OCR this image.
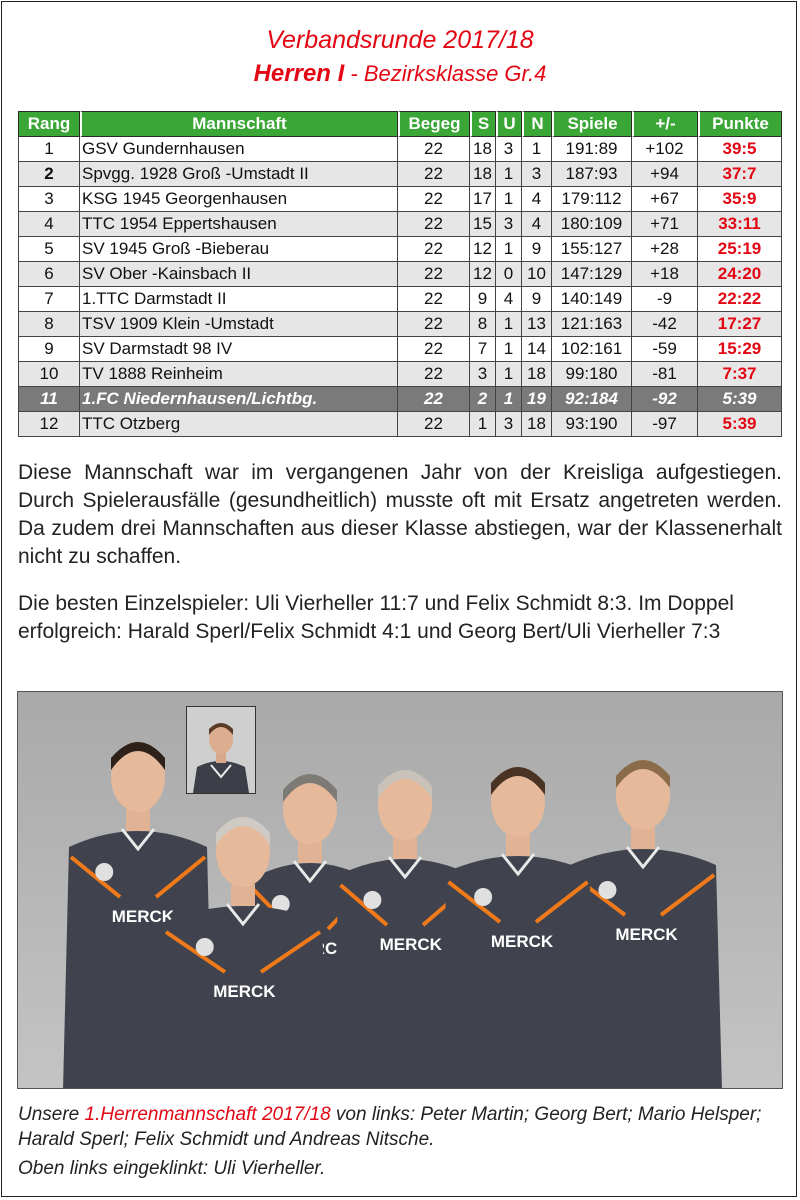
Verbandsrunde 2017/18
Herren I - Bezirksklasse Gr.4
Rang	Mannschaft	Begeg	S	U	N	Spiele	+/-	Punkte
1	GSV Gundernhausen	22	18	3	1	191:89	+102	39:5
2	Spvgg. 1928 Groß -Umstadt II	22	18	1	3	187:93	+94	37:7
3	KSG 1945 Georgenhausen	22	17	1	4	179:112	+67	35:9
4	TTC 1954 Eppertshausen	22	15	3	4	180:109	+71	33:11
5	SV 1945 Groß -Bieberau	22	12	1	9	155:127	+28	25:19
6	SV Ober -Kainsbach II	22	12	0	10	147:129	+18	24:20
7	1.TTC Darmstadt II	22	9	4	9	140:149	-9	22:22
8	TSV 1909 Klein -Umstadt	22	8	1	13	121:163	-42	17:27
9	SV Darmstadt 98 IV	22	7	1	14	102:161	-59	15:29
10	TV 1888 Reinheim	22	3	1	18	99:180	-81	7:37
11	1.FC Niedernhausen/Lichtbg.	22	2	1	19	92:184	-92	5:39
12	TTC Otzberg	22	1	3	18	93:190	-97	5:39

Diese Mannschaft war im vergangenen Jahr von der Kreisliga aufgestiegen. Durch Spielerausfälle (gesundheitlich) musste oft mit Ersatz angetreten werden. Da zudem drei Mannschaften aus dieser Klasse abstiegen, war der Klassenerhalt nicht zu schaffen.

Die besten Einzelspieler: Uli Vierheller 11:7 und Felix Schmidt 8:3. Im Doppel erfolgreich: Harald Sperl/Felix Schmidt 4:1 und Georg Bert/Uli Vierheller 7:3

MERCK
MERCK
MERCK
MERCK
MERCK

Unsere 1.Herrenmannschaft 2017/18 von links: Peter Martin; Georg Bert; Mario Helsper; Harald Sperl; Felix Schmidt und Andreas Nitsche.

Oben links eingeklinkt: Uli Vierheller.
